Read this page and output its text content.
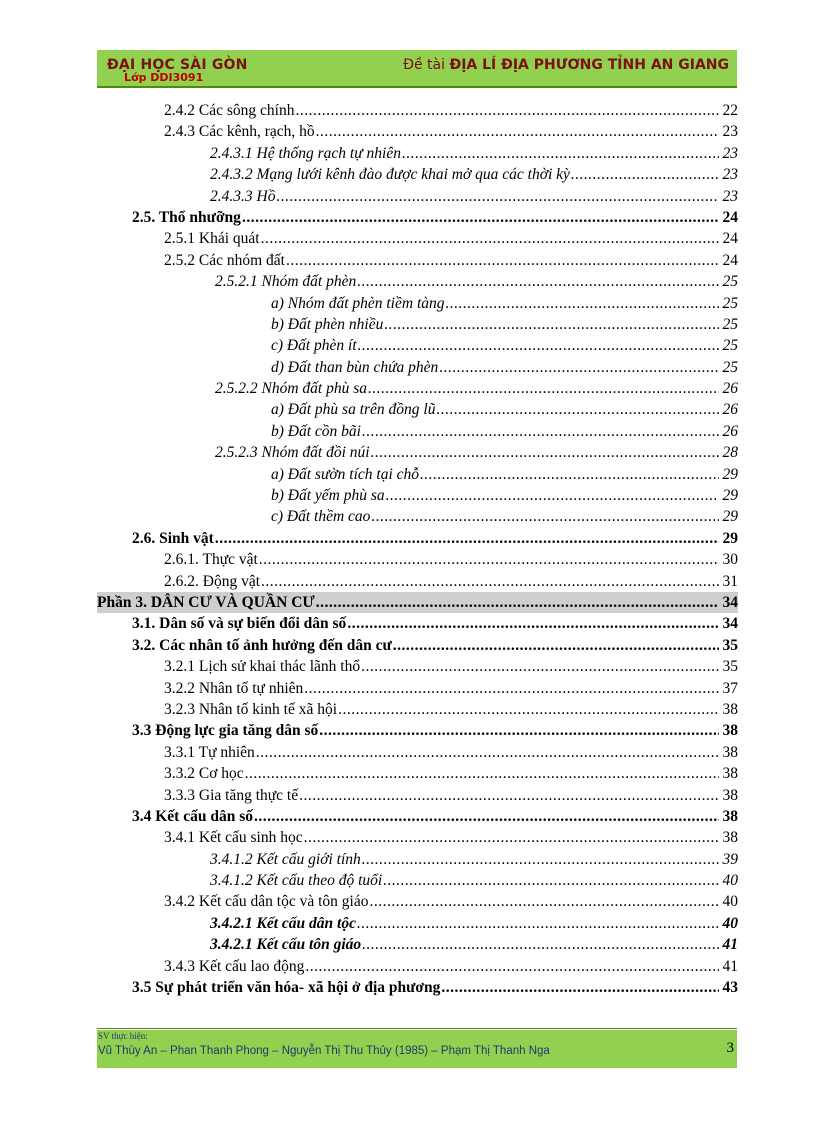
ĐẠI HỌC SÀI GÒN
Lớp DDI3091
Đề tài ĐỊA LÍ ĐỊA PHƯƠNG TỈNH AN GIANG
2.4.2 Các sông chính .....	22
2.4.3 Các kênh, rạch, hồ .....	23
2.4.3.1 Hệ thống rạch tự nhiên .....	23
2.4.3.2 Mạng lưới kênh đào được khai mở qua các thời kỳ .....	23
2.4.3.3 Hồ .....	23
2.5. Thổ nhưỡng .....	24
2.5.1 Khái quát .....	24
2.5.2 Các nhóm đất .....	24
2.5.2.1 Nhóm đất phèn .....	25
a) Nhóm đất phèn tiềm tàng .....	25
b) Đất phèn nhiều .....	25
c) Đất phèn ít .....	25
d) Đất than bùn chứa phèn .....	25
2.5.2.2 Nhóm đất phù sa .....	26
a) Đất phù sa trên đồng lũ .....	26
b) Đất cồn bãi .....	26
2.5.2.3 Nhóm đất đồi núi .....	28
a) Đất sườn tích tại chỗ .....	29
b) Đất yếm phù sa .....	29
c) Đất thềm cao .....	29
2.6. Sinh vật .....	29
2.6.1. Thực vật .....	30
2.6.2. Động vật .....	31
Phần 3. DÂN CƯ VÀ QUẦN CƯ .....	34
3.1. Dân số và sự biến đổi dân số .....	34
3.2. Các nhân tố ảnh hưởng đến dân cư .....	35
3.2.1 Lịch sử khai thác lãnh thổ .....	35
3.2.2 Nhân tố tự nhiên .....	37
3.2.3 Nhân tố kinh tế xã hội .....	38
3.3 Động lực gia tăng dân số .....	38
3.3.1 Tự nhiên .....	38
3.3.2 Cơ học .....	38
3.3.3 Gia tăng thực tế .....	38
3.4 Kết cấu dân số .....	38
3.4.1 Kết cấu sinh học .....	38
3.4.1.2 Kết cấu giới tính .....	39
3.4.1.2 Kết cấu theo độ tuổi .....	40
3.4.2 Kết cấu dân tộc và tôn giáo .....	40
3.4.2.1 Kết cấu dân tộc .....	40
3.4.2.1 Kết cấu tôn giáo .....	41
3.4.3 Kết cấu lao động .....	41
3.5 Sự phát triển văn hóa- xã hội ở địa phương .....	43
SV thực hiện:
Vũ Thùy An – Phan Thanh Phong – Nguyễn Thị Thu Thủy (1985) – Phạm Thị Thanh Nga	3
